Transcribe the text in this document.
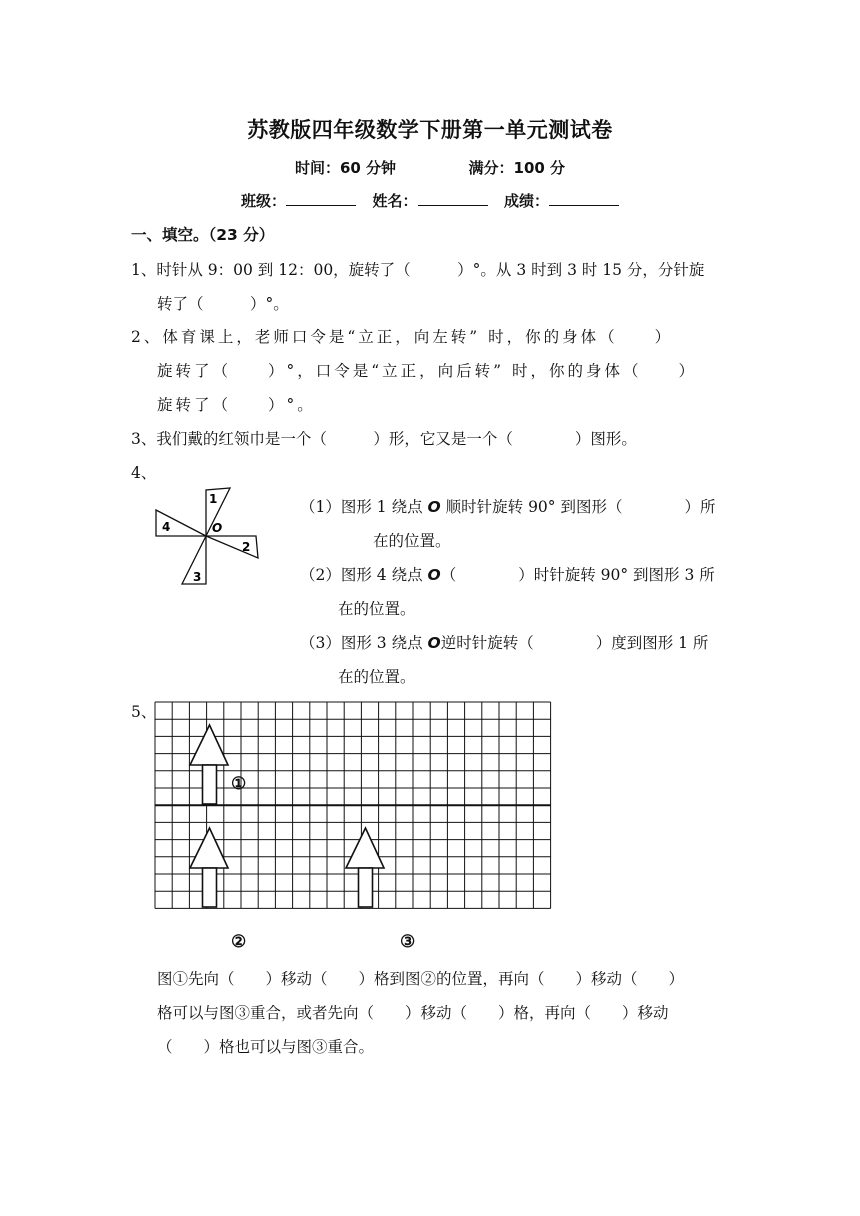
苏教版四年级数学下册第一单元测试卷
时间：60 分钟	满分：100 分
班级：	姓名：	成绩：
一、填空。（23 分）
1、时针从 9：00 到 12：00，旋转了（　　　）°。从 3 时到 3 时 15 分，分针旋
转了（　　　）°。
2、体育课上，老师口令是“立正，向左转” 时，你的身体（　　）
旋转了（　　）°，口令是“立正，向后转” 时，你的身体（　　）
旋转了（　　）°。
3、我们戴的红领巾是一个（　　　）形，它又是一个（　　　　）图形。
4、
1
2
3
4	O
（1）图形 1 绕点 O 顺时针旋转 90° 到图形（　　　　）所
在的位置。
（2）图形 4 绕点 O（　　　　）时针旋转 90° 到图形 3 所
在的位置。
（3）图形 3 绕点 O逆时针旋转（　　　　）度到图形 1 所
在的位置。
5、
①
②	③
图①先向（　　）移动（　　）格到图②的位置，再向（　　）移动（　　）
格可以与图③重合，或者先向（　　）移动（　　）格，再向（　　）移动
（　　）格也可以与图③重合。
